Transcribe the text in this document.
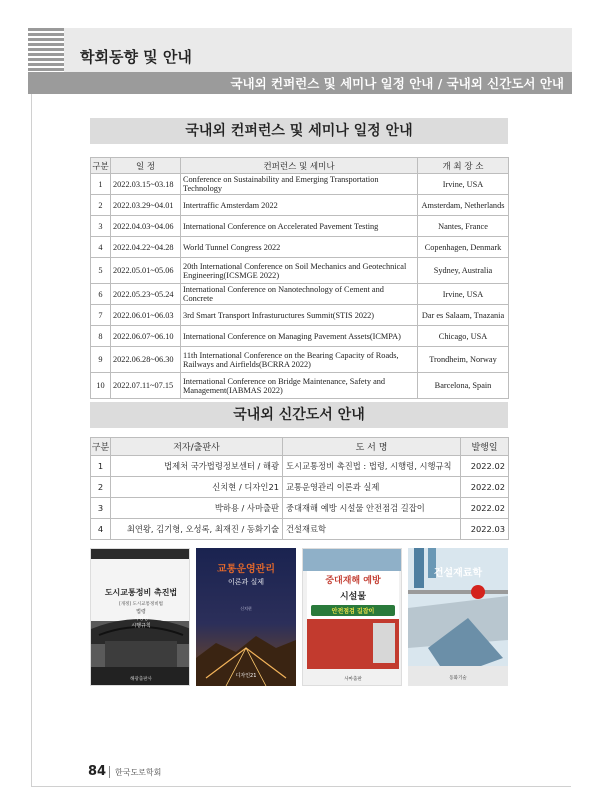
학회동향 및 안내
국내외 컨퍼런스 및 세미나 일정 안내 / 국내외 신간도서 안내
국내외 컨퍼런스 및 세미나 일정 안내
구분	일 정	컨퍼런스 및 세미나	개 최 장 소
1	2022.03.15~03.18	Conference on Sustainability and Emerging Transportation Technology	Irvine, USA
2	2022.03.29~04.01	Intertraffic Amsterdam 2022	Amsterdam, Netherlands
3	2022.04.03~04.06	International Conference on Accelerated Pavement Testing	Nantes, France
4	2022.04.22~04.28	World Tunnel Congress 2022	Copenhagen, Denmark
5	2022.05.01~05.06	20th International Conference on Soil Mechanics and Geotechnical Engineering(ICSMGE 2022)	Sydney, Australia
6	2022.05.23~05.24	International Conference on Nanotechnology of Cement and Concrete	Irvine, USA
7	2022.06.01~06.03	3rd Smart Transport Infrastuructures Summit(STIS 2022)	Dar es Salaam, Tnazania
8	2022.06.07~06.10	International Conference on Managing Pavement Assets(ICMPA)	Chicago, USA
9	2022.06.28~06.30	11th International Conference on the Bearing Capacity of Roads, Railways and Airfields(BCRRA 2022)	Trondheim, Norway
10	2022.07.11~07.15	International Conference on Bridge Maintenance, Safety and Management(IABMAS 2022)	Barcelona, Spain
국내외 신간도서 안내
구분	저자/출판사	도 서 명	발행일
1	법제처 국가법령정보센터 / 해광	도시교통정비 촉진법 : 법령, 시행령, 시행규칙	2022.02
2	신치현 / 디자인21	교통운영관리 이론과 실제	2022.02
3	박하용 / 사마출판	중대재해 예방 시설물 안전점검 길잡이	2022.02
4	최연왕, 김기형, 오성록, 최재진 / 동화기술	건설재료학	2022.03
도시교통정비 촉진법
[개정] 도시교통정비법
법령
시행령
시행규칙
해광출판사
교통운영관리
이론과 실제
신치현
디자인21
중대재해 예방
시설물
안전점검 길잡이
사마출판
건설재료학
동화기술
84 한국도로학회
